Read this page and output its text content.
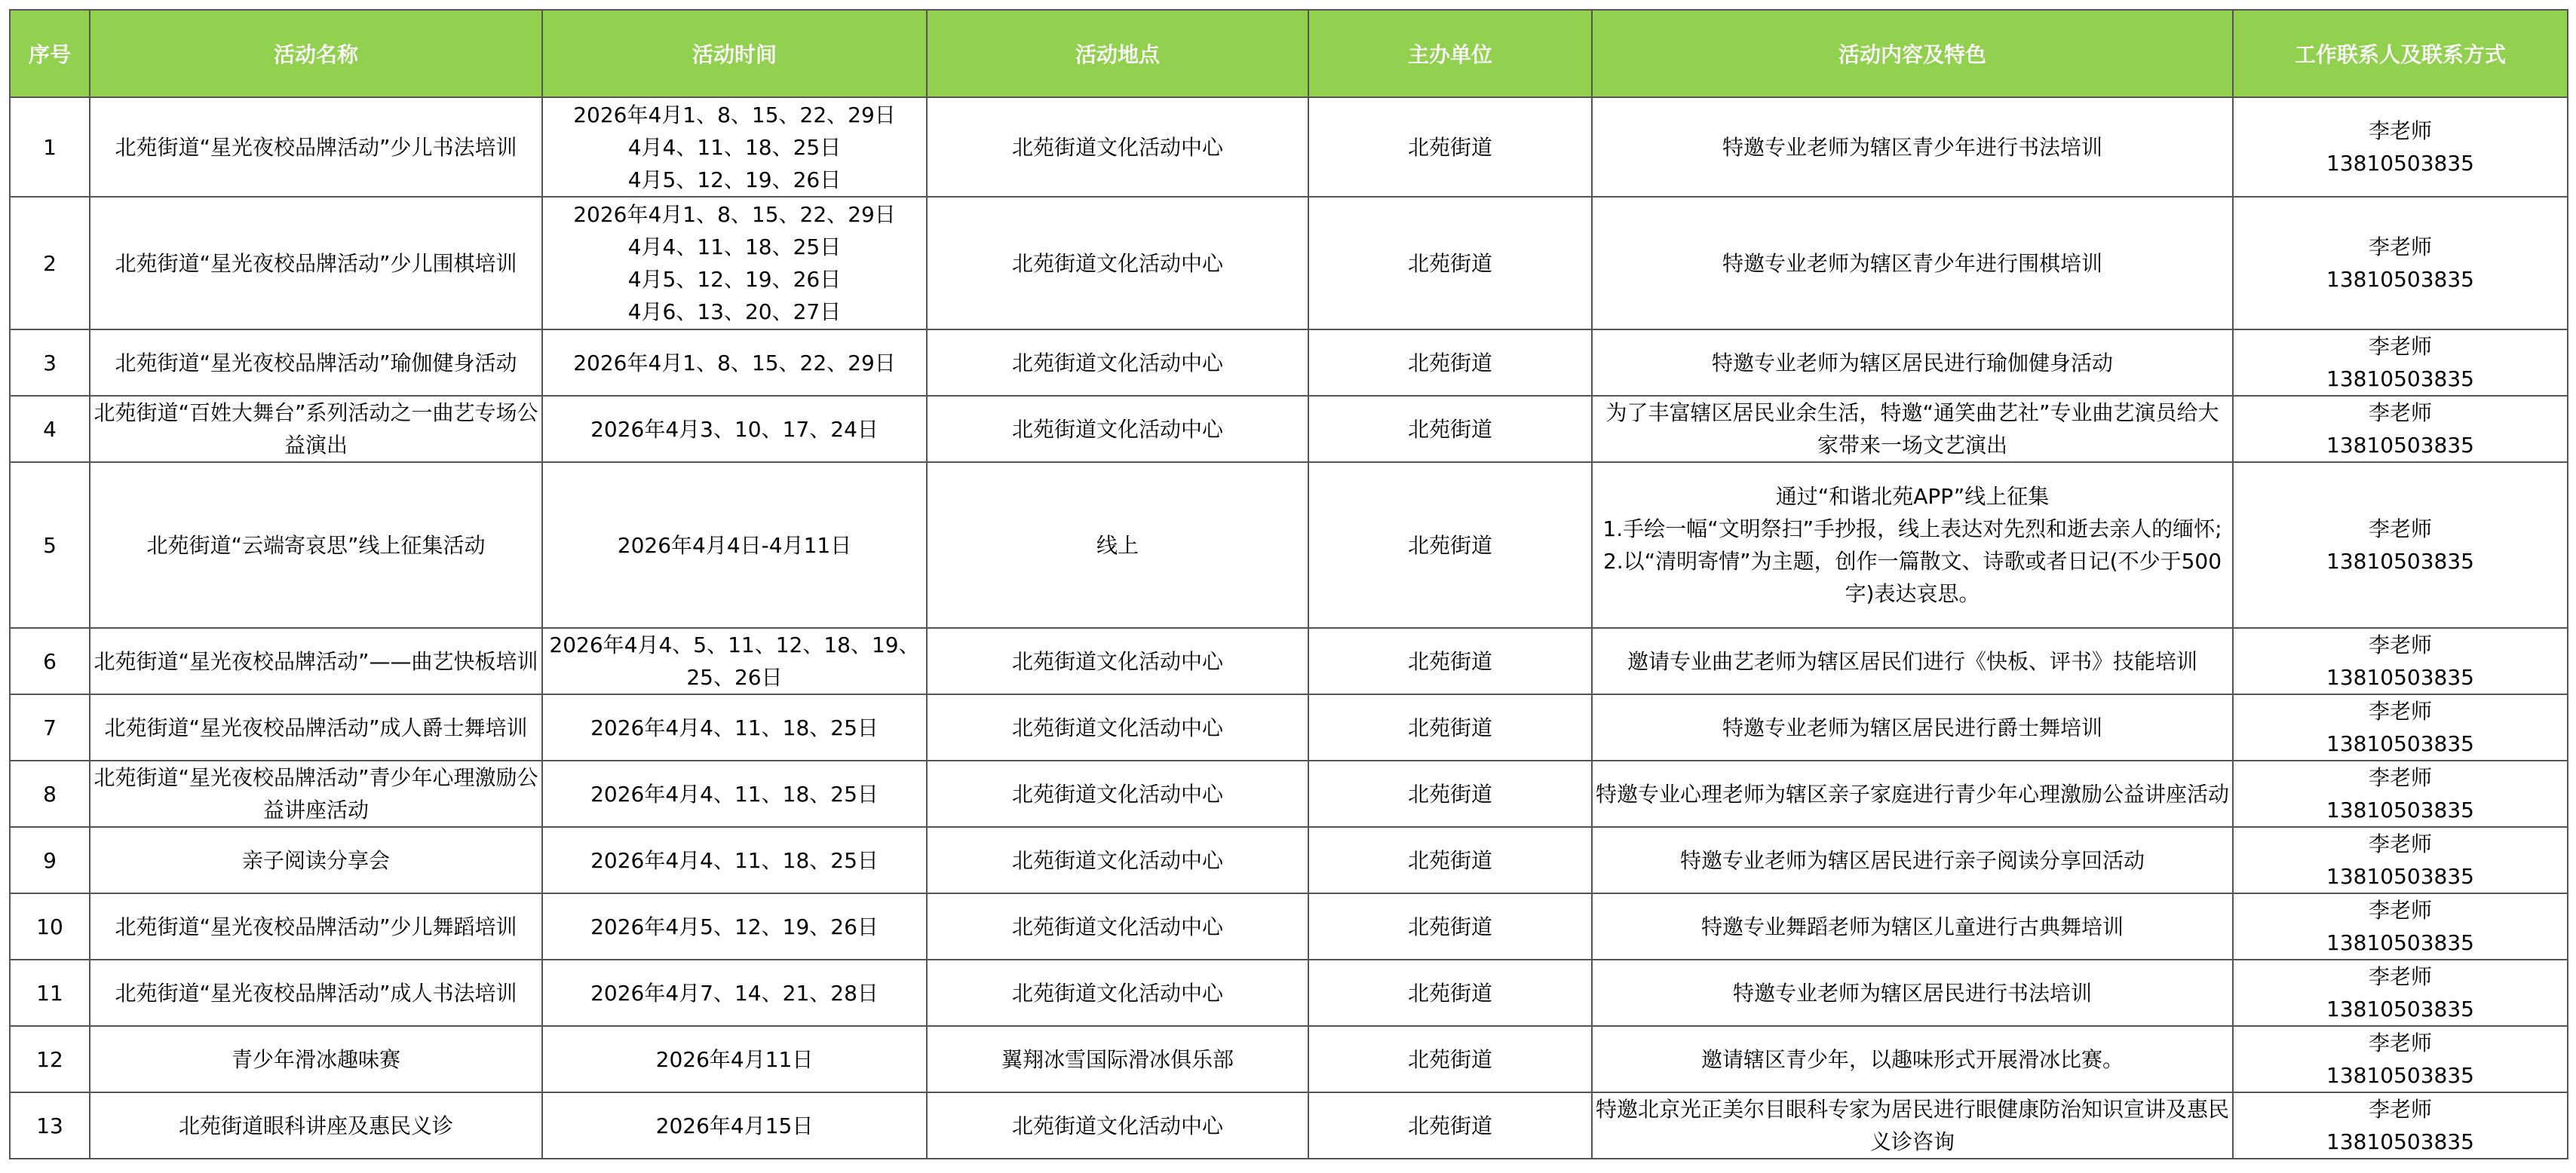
序号	活动名称	活动时间	活动地点	主办单位	活动内容及特色	工作联系人及联系方式
1	北苑街道“星光夜校品牌活动”少儿书法培训	2026年4月1、8、15、22、29日
4月4、11、18、25日
4月5、12、19、26日	北苑街道文化活动中心	北苑街道	特邀专业老师为辖区青少年进行书法培训	李老师
13810503835

2	北苑街道“星光夜校品牌活动”少儿围棋培训	2026年4月1、8、15、22、29日
4月4、11、18、25日
4月5、12、19、26日
4月6、13、20、27日	北苑街道文化活动中心	北苑街道	特邀专业老师为辖区青少年进行围棋培训	李老师
13810503835

3	北苑街道“星光夜校品牌活动”瑜伽健身活动	2026年4月1、8、15、22、29日	北苑街道文化活动中心	北苑街道	特邀专业老师为辖区居民进行瑜伽健身活动	李老师
13810503835

4	北苑街道“百姓大舞台”系列活动之一曲艺专场公益演出	2026年4月3、10、17、24日	北苑街道文化活动中心	北苑街道	为了丰富辖区居民业余生活，特邀“通笑曲艺社”专业曲艺演员给大家带来一场文艺演出	李老师
13810503835

5	北苑街道“云端寄哀思”线上征集活动	2026年4月4日-4月11日	线上	北苑街道	通过“和谐北苑APP”线上征集
1.手绘一幅“文明祭扫”手抄报，线上表达对先烈和逝去亲人的缅怀;
2.以“清明寄情”为主题，创作一篇散文、诗歌或者日记(不少于500字)表达哀思。	李老师
13810503835

6	北苑街道“星光夜校品牌活动”——曲艺快板培训	2026年4月4、5、11、12、18、19、25、26日	北苑街道文化活动中心	北苑街道	邀请专业曲艺老师为辖区居民们进行《快板、评书》技能培训	李老师
13810503835

7	北苑街道“星光夜校品牌活动”成人爵士舞培训	2026年4月4、11、18、25日	北苑街道文化活动中心	北苑街道	特邀专业老师为辖区居民进行爵士舞培训	李老师
13810503835

8	北苑街道“星光夜校品牌活动”青少年心理激励公益讲座活动	2026年4月4、11、18、25日	北苑街道文化活动中心	北苑街道	特邀专业心理老师为辖区亲子家庭进行青少年心理激励公益讲座活动	李老师
13810503835

9	亲子阅读分享会	2026年4月4、11、18、25日	北苑街道文化活动中心	北苑街道	特邀专业老师为辖区居民进行亲子阅读分享回活动	李老师
13810503835

10	北苑街道“星光夜校品牌活动”少儿舞蹈培训	2026年4月5、12、19、26日	北苑街道文化活动中心	北苑街道	特邀专业舞蹈老师为辖区儿童进行古典舞培训	李老师
13810503835

11	北苑街道“星光夜校品牌活动”成人书法培训	2026年4月7、14、21、28日	北苑街道文化活动中心	北苑街道	特邀专业老师为辖区居民进行书法培训	李老师
13810503835

12	青少年滑冰趣味赛	2026年4月11日	翼翔冰雪国际滑冰俱乐部	北苑街道	邀请辖区青少年，以趣味形式开展滑冰比赛。	李老师
13810503835

13	北苑街道眼科讲座及惠民义诊	2026年4月15日	北苑街道文化活动中心	北苑街道	特邀北京光正美尔目眼科专家为居民进行眼健康防治知识宣讲及惠民义诊咨询	李老师
13810503835
